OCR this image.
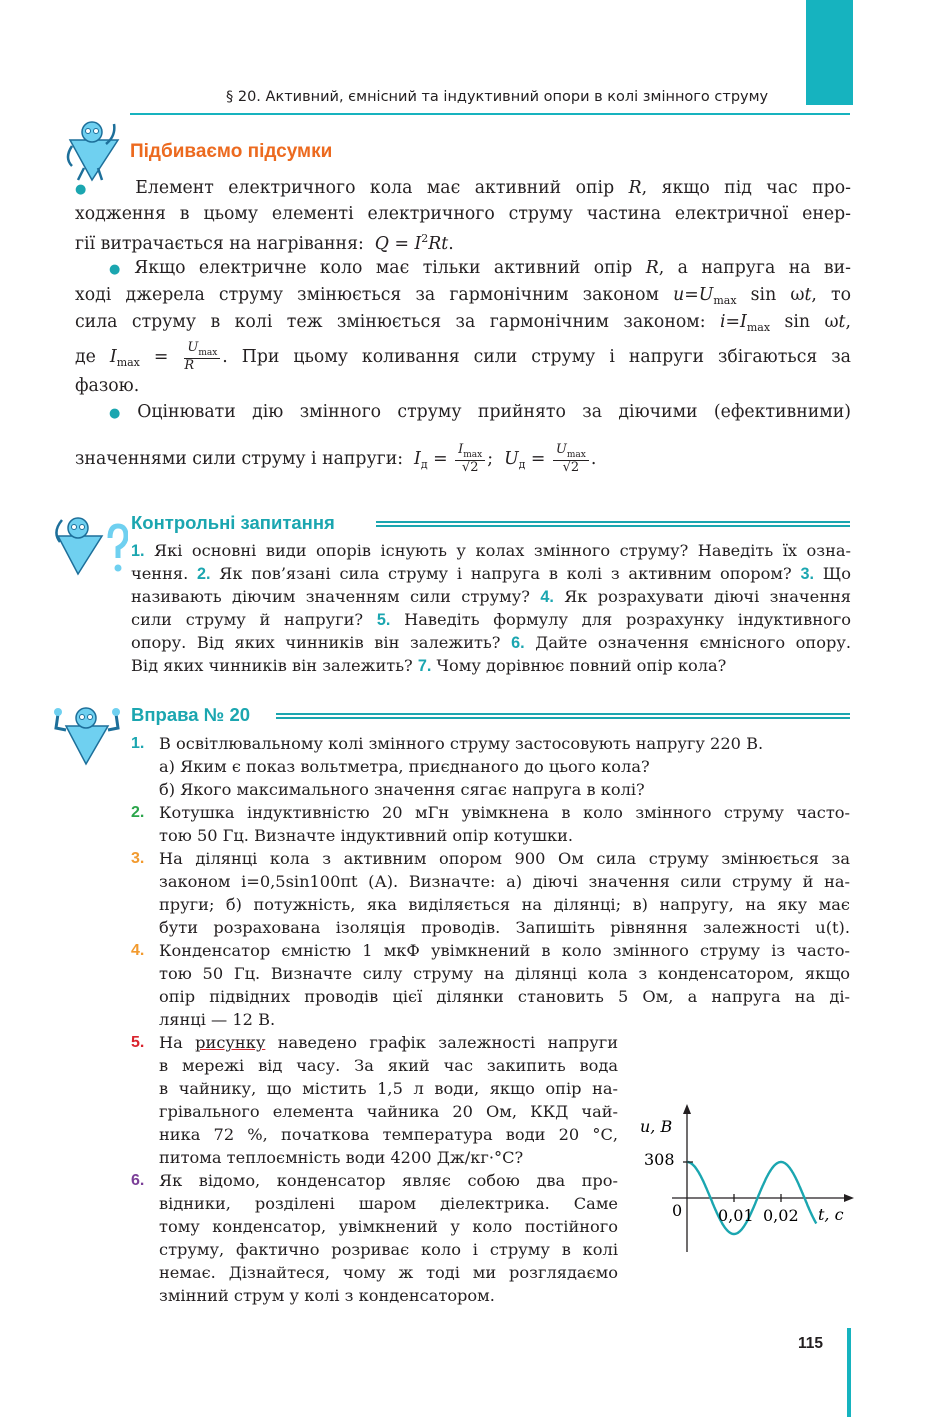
§ 20. Активний, ємнісний та індуктивний опори в колі змінного струму
Підбиваємо підсумки
● Елемент електричного кола має активний опір R, якщо під час про-
ходження в цьому елементі електричного струму частина електричної енер-
гії витрачається на нагрівання: $Q = I^2Rt$.
● Якщо електричне коло має тільки активний опір R, а напруга на ви-
ході джерела струму змінюється за гармонічним законом $u=U_{max}$ sin ωt, то
сила струму в колі теж змінюється за гармонічним законом: $i=I_{max}$ sin ωt,
де $I_{max} = \frac{U_{max}}{R}$ . При цьому коливання сили струму і напруги збігаються за
фазою.
● Оцінювати дію змінного струму прийнято за діючими (ефективними)
значеннями сили струму і напруги: $I_д = \frac{I_{max}}{√2}$ ;  $U_д = \frac{U_{max}}{√2}$ .
Контрольні запитання
1. Які основні види опорів існують у колах змінного струму? Наведіть їх озна-
чення. 2. Як пов’язані сила струму і напруга в колі з активним опором? 3. Що
називають діючим значенням сили струму? 4. Як розрахувати діючі значення
сили струму й напруги? 5. Наведіть формулу для розрахунку індуктивного
опору. Від яких чинників він залежить? 6. Дайте означення ємнісного опору.
Від яких чинників він залежить? 7. Чому дорівнює повний опір кола?
Вправа № 20
1. В освітлювальному колі змінного струму застосовують напругу 220 В.
а) Яким є показ вольтметра, приєднаного до цього кола?
б) Якого максимального значення сягає напруга в колі?
2. Котушка індуктивністю 20 мГн увімкнена в коло змінного струму часто-
тою 50 Гц. Визначте індуктивний опір котушки.
3. На ділянці кола з активним опором 900 Ом сила струму змінюється за
законом i=0,5sin100πt (А). Визначте: а) діючі значення сили струму й на-
пруги; б) потужність, яка виділяється на ділянці; в) напругу, на яку має
бути розрахована ізоляція проводів. Запишіть рівняння залежності u(t).
4. Конденсатор ємністю 1 мкФ увімкнений в коло змінного струму із часто-
тою 50 Гц. Визначте силу струму на ділянці кола з конденсатором, якщо
опір підвідних проводів цієї ділянки становить 5 Ом, а напруга на ді-
лянці — 12 В.
5. На рисунку наведено графік залежності напруги
в мережі від часу. За який час закипить вода
в чайнику, що містить 1,5 л води, якщо опір на-
грівального елемента чайника 20 Ом, ККД чай-
ника 72 %, початкова температура води 20 °С,
питома теплоємність води 4200 Дж/кг·°С?
6. Як відомо, конденсатор являє собою два про-
відники, розділені шаром діелектрика. Саме
тому конденсатор, увімкнений у коло постійного
струму, фактично розриває коло і струму в колі
немає. Дізнайтеся, чому ж тоді ми розглядаємо
змінний струм у колі з конденсатором.
u, В
308
0 0,01 0,02 t, с
115
